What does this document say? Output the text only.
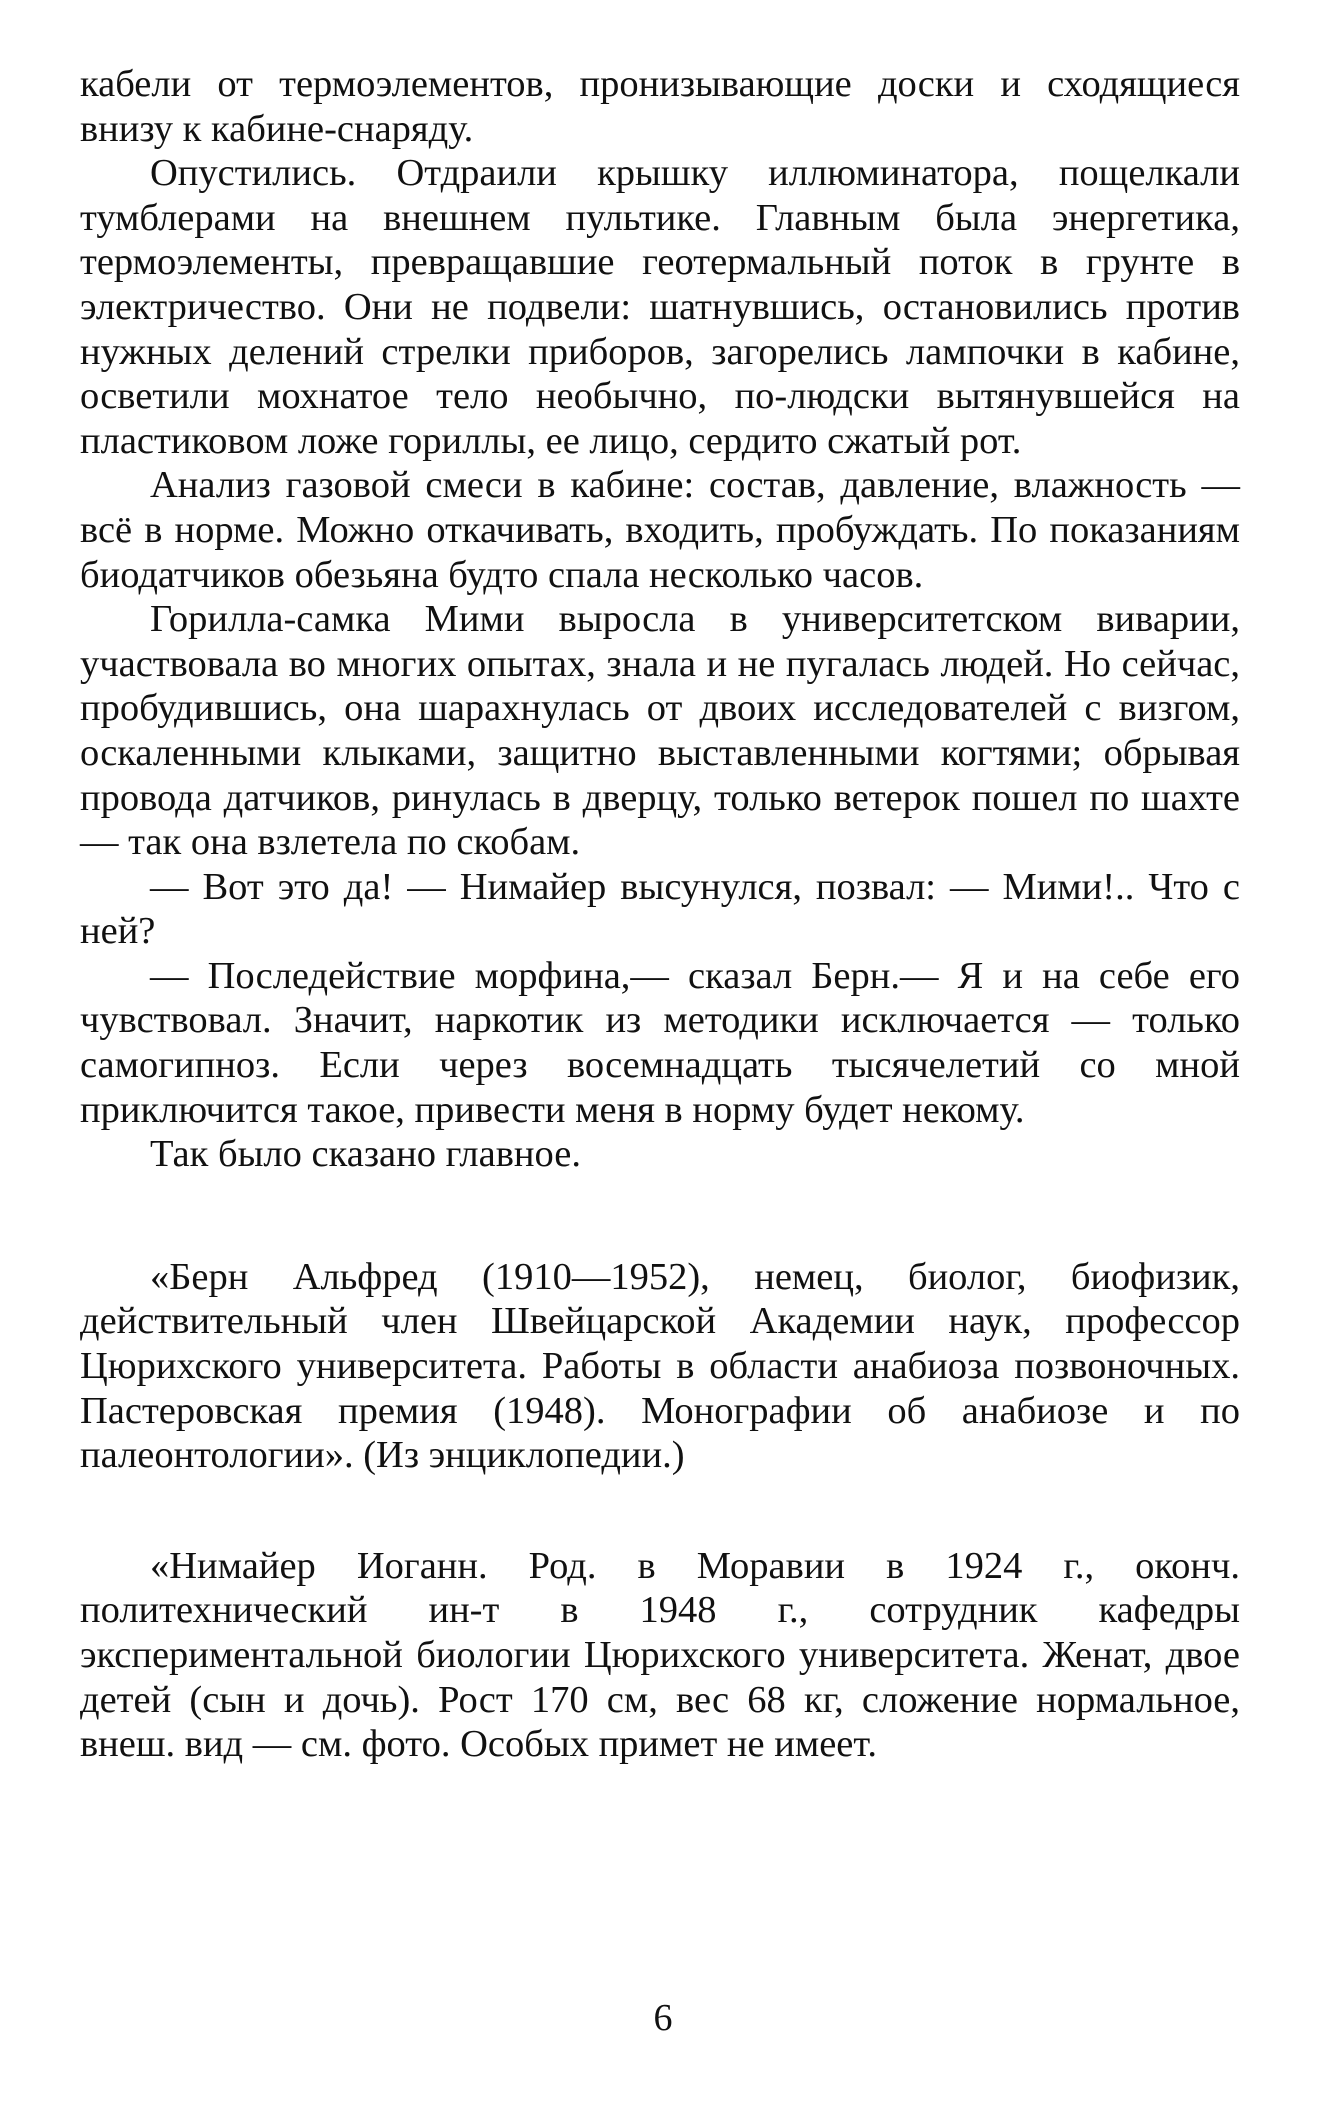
кабели от термоэлементов, пронизывающие доски и сходящиеся внизу к кабине-снаряду.

Опустились. Отдраили крышку иллюминатора, пощелкали тумблерами на внешнем пультике. Главным была энергетика, термоэлементы, превращавшие геотермальный поток в грунте в электричество. Они не подвели: шатнувшись, остановились против нужных делений стрелки приборов, загорелись лампочки в кабине, осветили мохнатое тело необычно, по-людски вытянувшейся на пластиковом ложе гориллы, ее лицо, сердито сжатый рот.

Анализ газовой смеси в кабине: состав, давление, влажность — всё в норме. Можно откачивать, входить, пробуждать. По показаниям биодатчиков обезьяна будто спала несколько часов.

Горилла-самка Мими выросла в университетском виварии, участвовала во многих опытах, знала и не пугалась людей. Но сейчас, пробудившись, она шарахнулась от двоих исследователей с визгом, оскаленными клыками, защитно выставленными когтями; обрывая провода датчиков, ринулась в дверцу, только ветерок пошел по шахте — так она взлетела по скобам.

— Вот это да! — Нимайер высунулся, позвал: — Мими!.. Что с ней?

— Последействие морфина,— сказал Берн.— Я и на себе его чувствовал. Значит, наркотик из методики исключается — только самогипноз. Если через восемнадцать тысячелетий со мной приключится такое, привести меня в норму будет некому.

Так было сказано главное.

«Берн Альфред (1910—1952), немец, биолог, биофизик, действительный член Швейцарской Академии наук, профессор Цюрихского университета. Работы в области анабиоза позвоночных. Пастеровская премия (1948). Монографии об анабиозе и по палеонтологии». (Из энциклопедии.)

«Нимайер Иоганн. Род. в Моравии в 1924 г., оконч. политехнический ин-т в 1948 г., сотрудник кафедры экспериментальной биологии Цюрихского университета. Женат, двое детей (сын и дочь). Рост 170 см, вес 68 кг, сложение нормальное, внеш. вид — см. фото. Особых примет не имеет.

6
